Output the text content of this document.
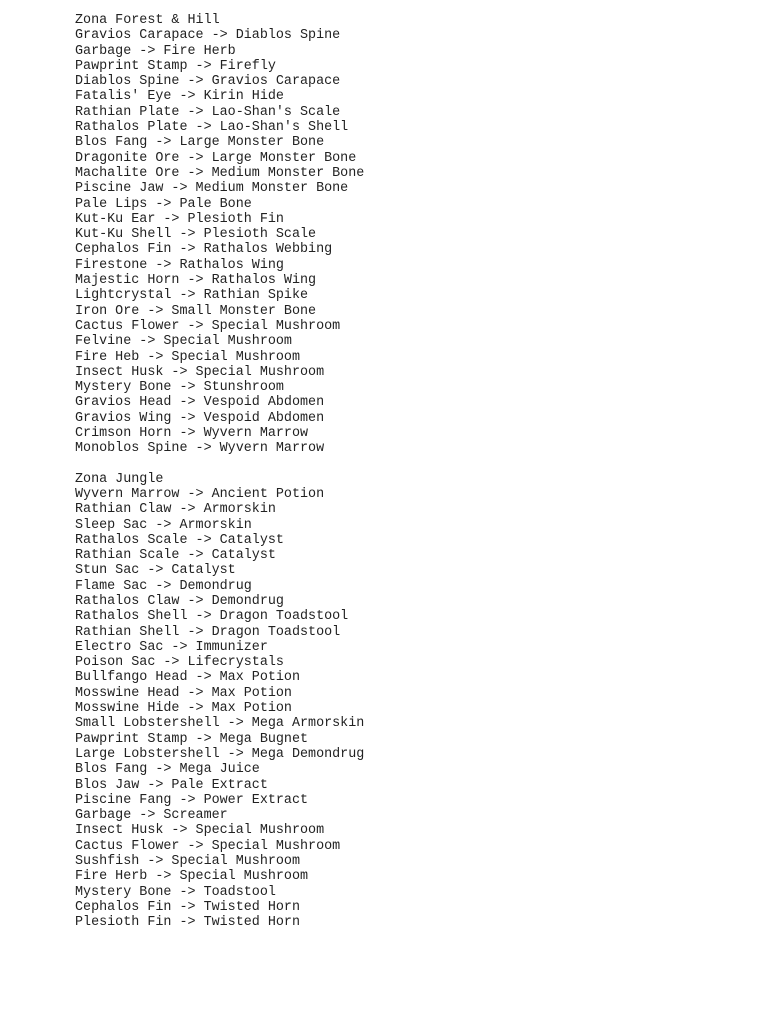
Zona Forest & Hill
Gravios Carapace -> Diablos Spine
Garbage -> Fire Herb
Pawprint Stamp -> Firefly
Diablos Spine -> Gravios Carapace
Fatalis' Eye -> Kirin Hide
Rathian Plate -> Lao-Shan's Scale
Rathalos Plate -> Lao-Shan's Shell
Blos Fang -> Large Monster Bone
Dragonite Ore -> Large Monster Bone
Machalite Ore -> Medium Monster Bone
Piscine Jaw -> Medium Monster Bone
Pale Lips -> Pale Bone
Kut-Ku Ear -> Plesioth Fin
Kut-Ku Shell -> Plesioth Scale
Cephalos Fin -> Rathalos Webbing
Firestone -> Rathalos Wing
Majestic Horn -> Rathalos Wing
Lightcrystal -> Rathian Spike
Iron Ore -> Small Monster Bone
Cactus Flower -> Special Mushroom
Felvine -> Special Mushroom
Fire Heb -> Special Mushroom
Insect Husk -> Special Mushroom
Mystery Bone -> Stunshroom
Gravios Head -> Vespoid Abdomen
Gravios Wing -> Vespoid Abdomen
Crimson Horn -> Wyvern Marrow
Monoblos Spine -> Wyvern Marrow
Zona Jungle
Wyvern Marrow -> Ancient Potion
Rathian Claw -> Armorskin
Sleep Sac -> Armorskin
Rathalos Scale -> Catalyst
Rathian Scale -> Catalyst
Stun Sac -> Catalyst
Flame Sac -> Demondrug
Rathalos Claw -> Demondrug
Rathalos Shell -> Dragon Toadstool
Rathian Shell -> Dragon Toadstool
Electro Sac -> Immunizer
Poison Sac -> Lifecrystals
Bullfango Head -> Max Potion
Mosswine Head -> Max Potion
Mosswine Hide -> Max Potion
Small Lobstershell -> Mega Armorskin
Pawprint Stamp -> Mega Bugnet
Large Lobstershell -> Mega Demondrug
Blos Fang -> Mega Juice
Blos Jaw -> Pale Extract
Piscine Fang -> Power Extract
Garbage -> Screamer
Insect Husk -> Special Mushroom
Cactus Flower -> Special Mushroom
Sushfish -> Special Mushroom
Fire Herb -> Special Mushroom
Mystery Bone -> Toadstool
Cephalos Fin -> Twisted Horn
Plesioth Fin -> Twisted Horn
